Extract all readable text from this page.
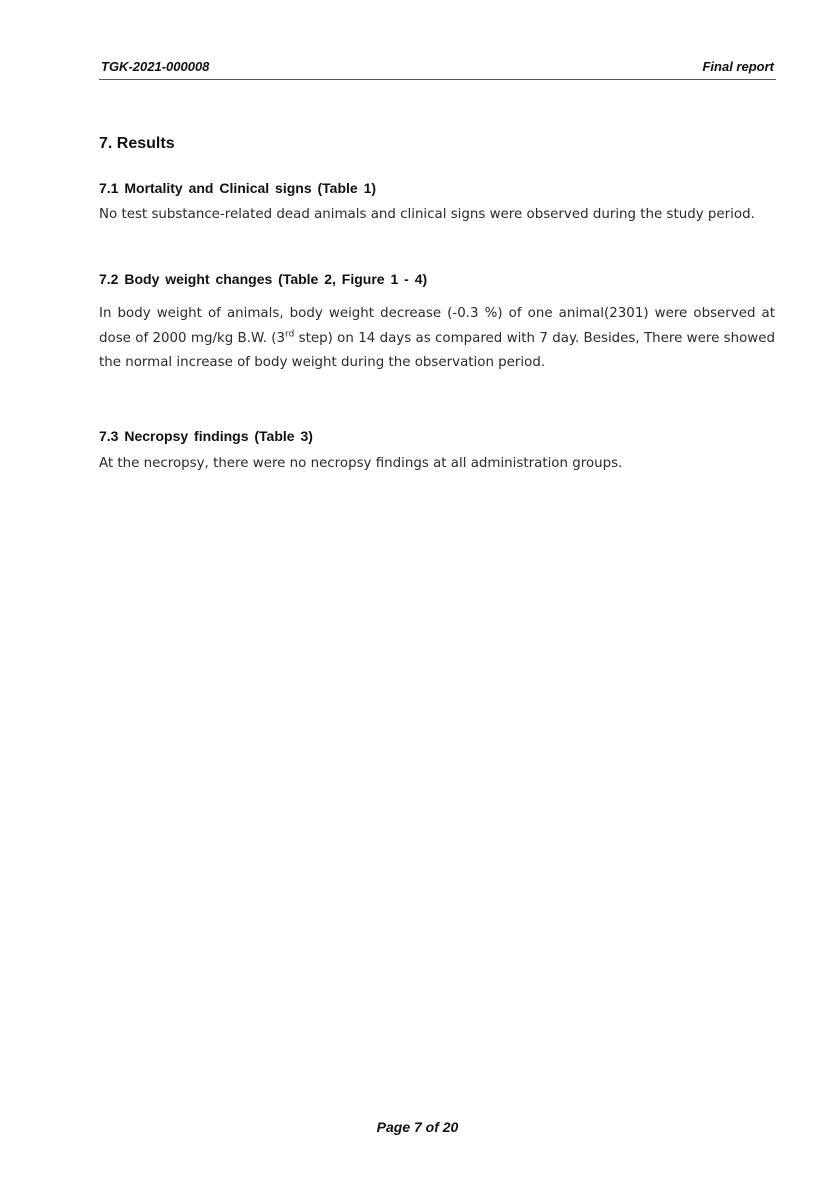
TGK-2021-000008	Final report
7. Results
7.1 Mortality and Clinical signs (Table 1)

No test substance-related dead animals and clinical signs were observed during the study period.

7.2 Body weight changes (Table 2, Figure 1 - 4)

In body weight of animals, body weight decrease (-0.3 %) of one animal(2301) were observed at dose of 2000 mg/kg B.W. (3rd step) on 14 days as compared with 7 day. Besides, There were showed the normal increase of body weight during the observation period.

7.3 Necropsy findings (Table 3)

At the necropsy, there were no necropsy findings at all administration groups.

Page 7 of 20
